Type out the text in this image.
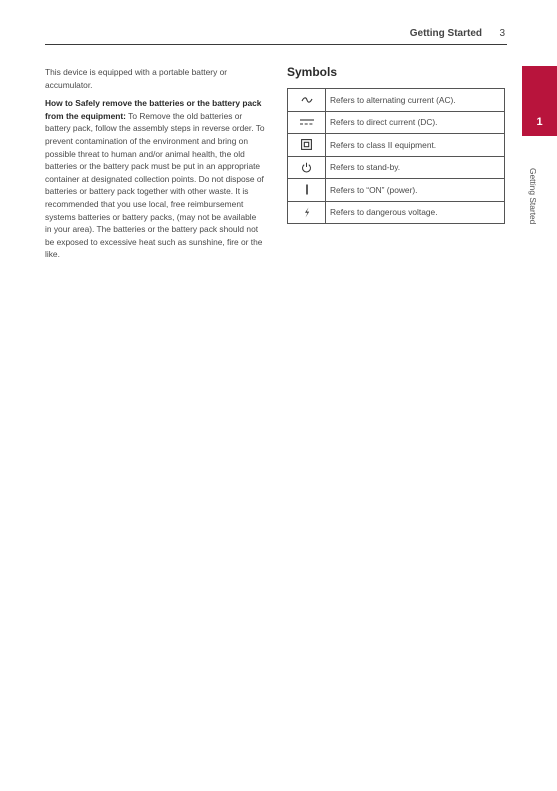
Getting Started 3

This device is equipped with a portable battery or accumulator.

How to Safely remove the batteries or the battery pack from the equipment: To Remove the old batteries or battery pack, follow the assembly steps in reverse order. To prevent contamination of the environment and bring on possible threat to human and/or animal health, the old batteries or the battery pack must be put in an appropriate container at designated collection points. Do not dispose of batteries or battery pack together with other waste. It is recommended that you use local, free reimbursement systems batteries or battery packs, (may not be available in your area). The batteries or the battery pack should not be exposed to excessive heat such as sunshine, fire or the like.

Symbols
	Refers to alternating current (AC).

	Refers to direct current (DC).

	Refers to class II equipment.

	Refers to stand-by.

	Refers to “ON” (power).

	Refers to dangerous voltage.
1
Getting Started
